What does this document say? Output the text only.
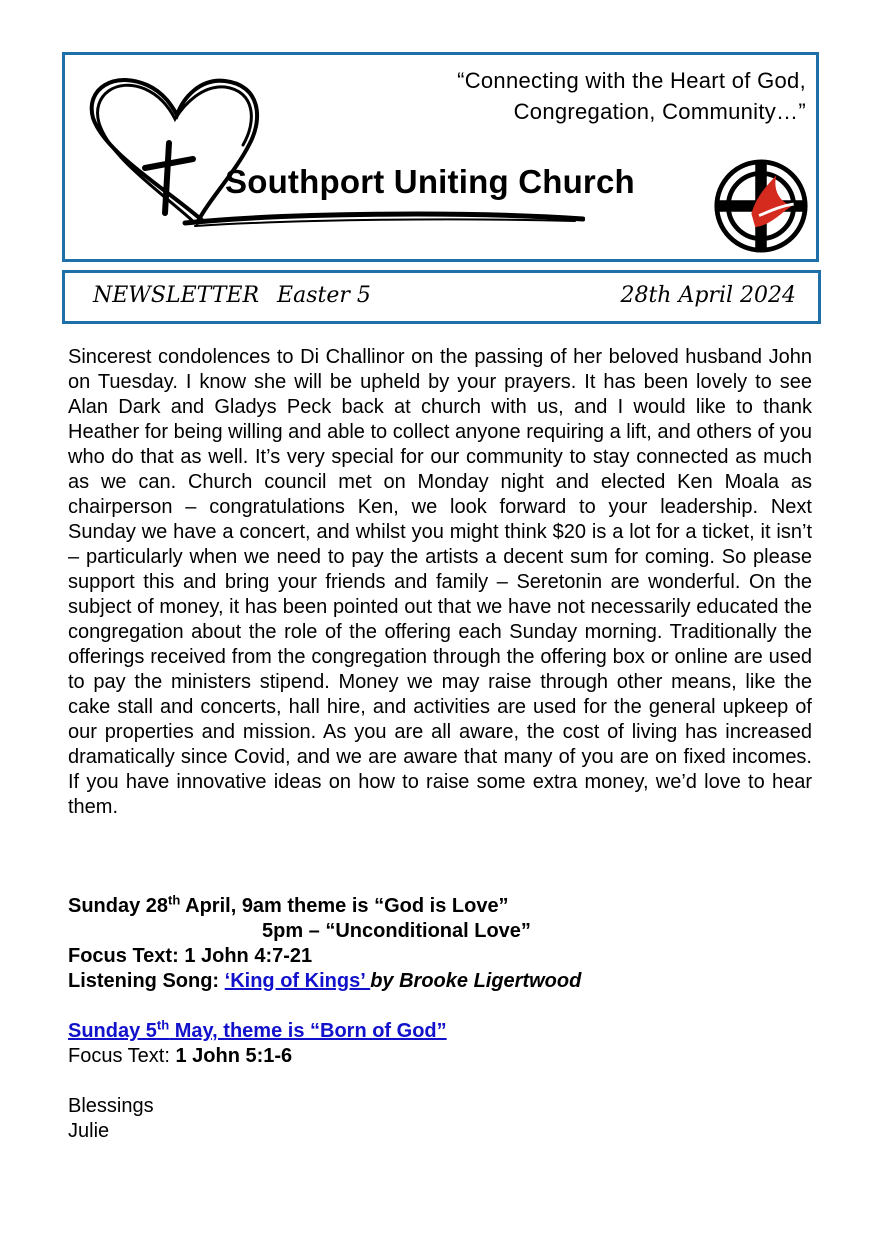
“Connecting with the Heart of God,
Congregation, Community…”
Southport Uniting Church
NEWSLETTER Easter 5	28th April 2024

Sincerest condolences to Di Challinor on the passing of her beloved husband John on Tuesday. I know she will be upheld by your prayers. It has been lovely to see Alan Dark and Gladys Peck back at church with us, and I would like to thank Heather for being willing and able to collect anyone requiring a lift, and others of you who do that as well. It’s very special for our community to stay connected as much as we can. Church council met on Monday night and elected Ken Moala as chairperson – congratulations Ken, we look forward to your leadership. Next Sunday we have a concert, and whilst you might think $20 is a lot for a ticket, it isn’t – particularly when we need to pay the artists a decent sum for coming. So please support this and bring your friends and family – Seretonin are wonderful. On the subject of money, it has been pointed out that we have not necessarily educated the congregation about the role of the offering each Sunday morning. Traditionally the offerings received from the congregation through the offering box or online are used to pay the ministers stipend. Money we may raise through other means, like the cake stall and concerts, hall hire, and activities are used for the general upkeep of our properties and mission. As you are all aware, the cost of living has increased dramatically since Covid, and we are aware that many of you are on fixed incomes. If you have innovative ideas on how to raise some extra money, we’d love to hear them.

Sunday 28th April, 9am theme is “God is Love”
5pm – “Unconditional Love”
Focus Text: 1 John 4:7-21
Listening Song: ‘King of Kings’ by Brooke Ligertwood
Sunday 5th May, theme is “Born of God”
Focus Text: 1 John 5:1-6
Blessings
Julie
